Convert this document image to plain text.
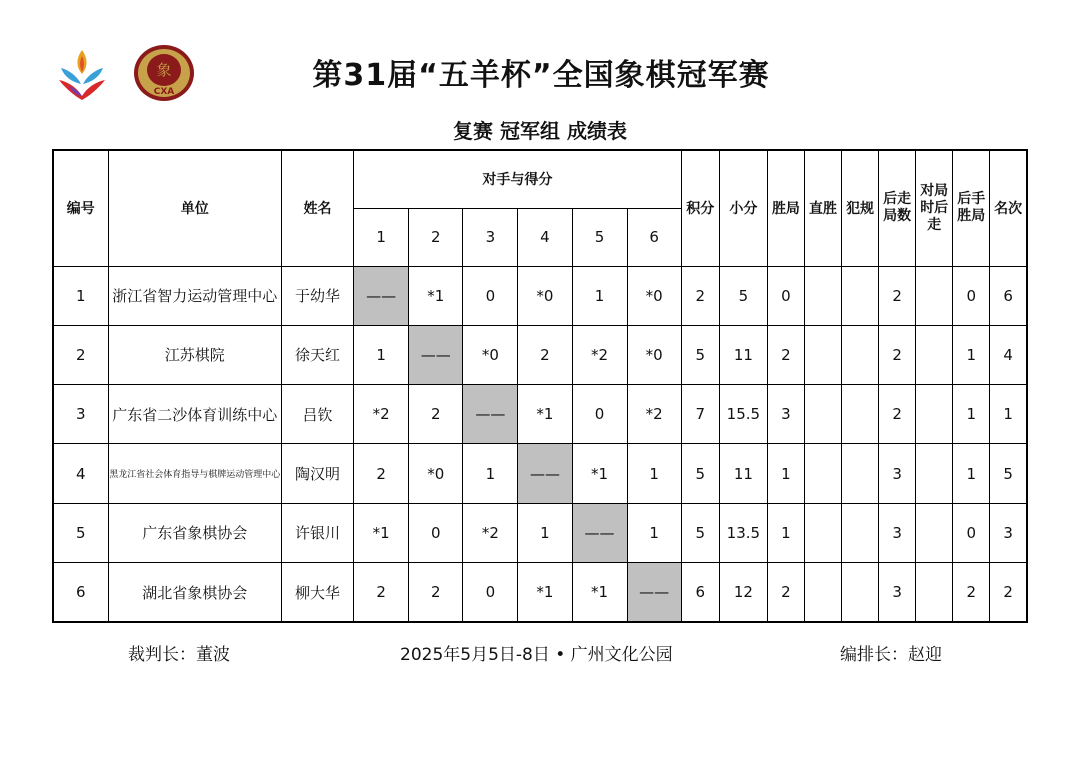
象
CXA	第31届“五羊杯”全国象棋冠军赛
复赛 冠军组 成绩表
编号	单位	姓名	对手与得分						积分	小分	胜局	直胜	犯规	后走局数	对局时后走	后手胜局	名次
			1	2	3	4	5	6									
1	浙江省智力运动管理中心	于幼华	——	*1	0	*0	1	*0	2	5	0			2		0	6
2	江苏棋院	徐天红	1	——	*0	2	*2	*0	5	11	2			2		1	4
3	广东省二沙体育训练中心	吕钦	*2	2	——	*1	0	*2	7	15.5	3			2		1	1
4	黑龙江省社会体育指导与棋牌运动管理中心	陶汉明	2	*0	1	——	*1	1	5	11	1			3		1	5
5	广东省象棋协会	许银川	*1	0	*2	1	——	1	5	13.5	1			3		0	3
6	湖北省象棋协会	柳大华	2	2	0	*1	*1	——	6	12	2			3		2	2
裁判长：董波	2025年5月5日-8日 • 广州文化公园	编排长：赵迎
